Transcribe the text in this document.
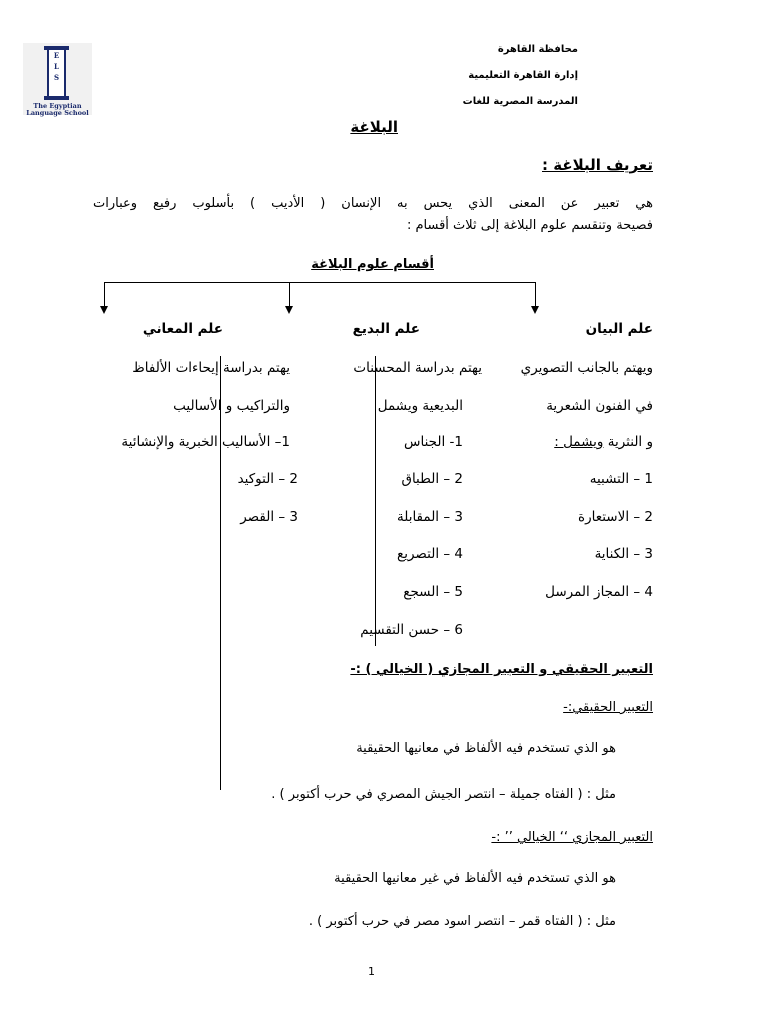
E
L
S
The Egyptian
Language School
محافظة القاهرة
إدارة القاهرة التعليمية
المدرسة المصرية للغات
البلاغة
تعريف البلاغة :
هي تعبير عن المعنى الذي يحس به الإنسان ( الأديب ) بأسلوب رفيع وعبارات
فصيحة وتنقسم علوم البلاغة إلى ثلاث أقسام :
أقسام علوم البلاغة
علم البيان
ويهتم بالجانب التصويري
في الفنون الشعرية
و النثرية ويشمل :
1 – التشبيه
2 – الاستعارة
3 – الكناية
4 – المجاز المرسل
علم البديع
يهتم بدراسة المحسنات
البديعية ويشمل
1- الجناس
2 – الطباق
3 – المقابلة
4 – التصريع
5 – السجع
6 – حسن التقسيم
علم المعاني
يهتم بدراسة إيحاءات الألفاظ
والتراكيب و الأساليب
1– الأساليب الخبرية والإنشائية
2 – التوكيد
3 – القصر
التعبير الحقيقي و التعبير المجازي ( الخيالي ) :-
التعبير الحقيقي:-
هو الذي تستخدم فيه الألفاظ في معانيها الحقيقية
مثل : ( الفتاه جميلة – انتصر الجيش المصري في حرب أكتوبر ) .
التعبير المجازي ‘‘ الخيالي ’’ :-
هو الذي تستخدم فيه الألفاظ في غير معانيها الحقيقية
مثل : ( الفتاه قمر – انتصر اسود مصر في حرب أكتوبر ) .
1
